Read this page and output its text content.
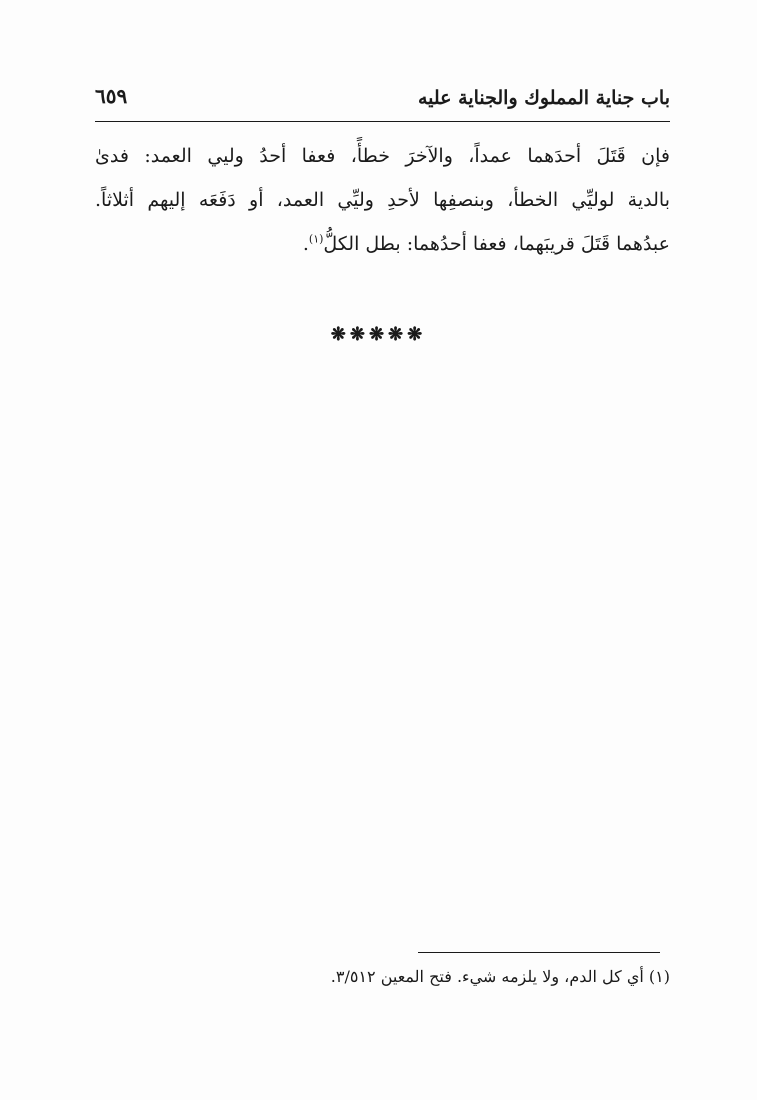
باب جناية المملوك والجناية عليه
٦٥٩
فإن قَتَلَ أحدَهما عمداً، والآخرَ خطأً، فعفا أحدُ وليي العمد: فدىٰ
بالدية لوليِّي الخطأ، وبنصفِها لأحدِ وليِّي العمد، أو دَفَعَه إليهم أثلاثاً.
عبدُهما قَتَلَ قريبَهما، فعفا أحدُهما: بطل الكلُّ$^{(١)}$.
❋❋❋❋❋
(١) أي كل الدم، ولا يلزمه شيء. فتح المعين ٣/٥١٢.
